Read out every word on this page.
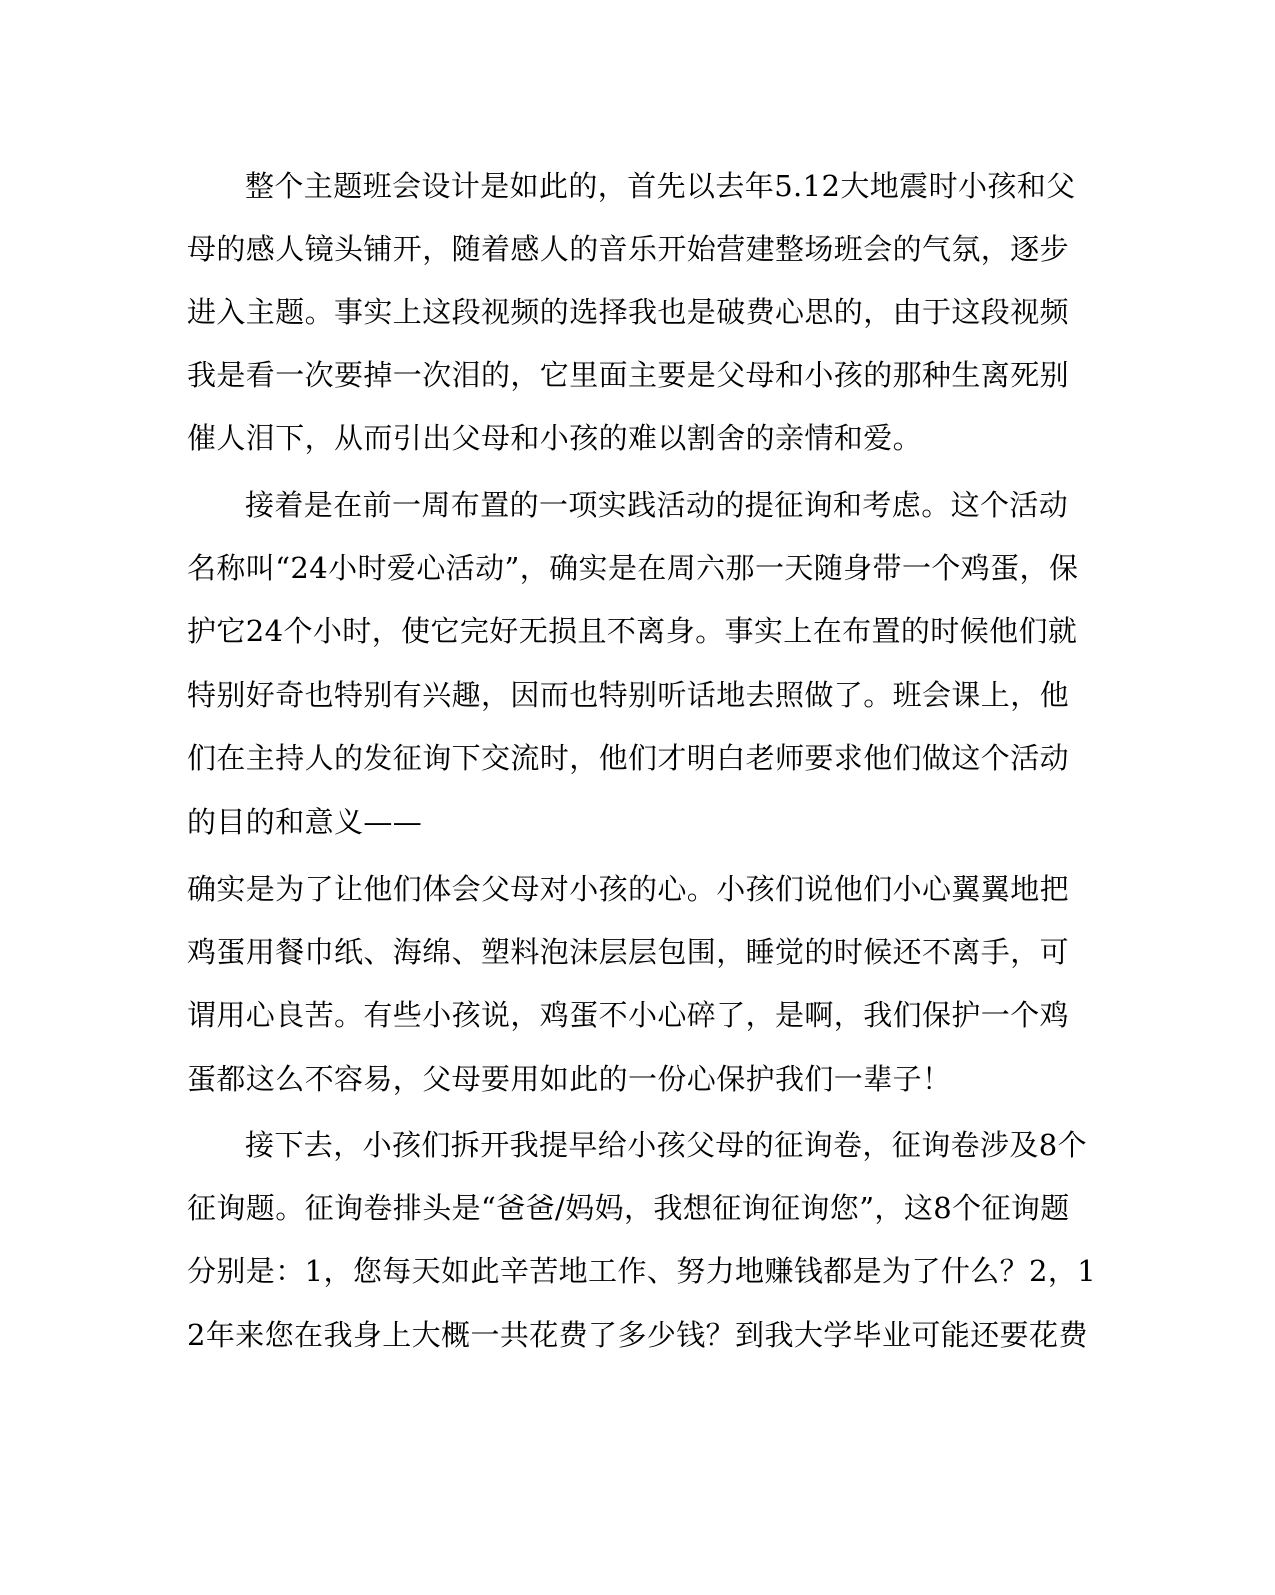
整个主题班会设计是如此的，首先以去年5.12大地震时小孩和父
母的感人镜头铺开，随着感人的音乐开始营建整场班会的气氛，逐步
进入主题。事实上这段视频的选择我也是破费心思的，由于这段视频
我是看一次要掉一次泪的，它里面主要是父母和小孩的那种生离死别
催人泪下，从而引出父母和小孩的难以割舍的亲情和爱。
接着是在前一周布置的一项实践活动的提征询和考虑。这个活动
名称叫“24小时爱心活动”，确实是在周六那一天随身带一个鸡蛋，保
护它24个小时，使它完好无损且不离身。事实上在布置的时候他们就
特别好奇也特别有兴趣，因而也特别听话地去照做了。班会课上，他
们在主持人的发征询下交流时，他们才明白老师要求他们做这个活动
的目的和意义——
确实是为了让他们体会父母对小孩的心。小孩们说他们小心翼翼地把
鸡蛋用餐巾纸、海绵、塑料泡沫层层包围，睡觉的时候还不离手，可
谓用心良苦。有些小孩说，鸡蛋不小心碎了，是啊，我们保护一个鸡
蛋都这么不容易，父母要用如此的一份心保护我们一辈子！
接下去，小孩们拆开我提早给小孩父母的征询卷，征询卷涉及8个
征询题。征询卷排头是“爸爸/妈妈，我想征询征询您”，这8个征询题
分别是：1，您每天如此辛苦地工作、努力地赚钱都是为了什么？2，1
2年来您在我身上大概一共花费了多少钱？到我大学毕业可能还要花费
